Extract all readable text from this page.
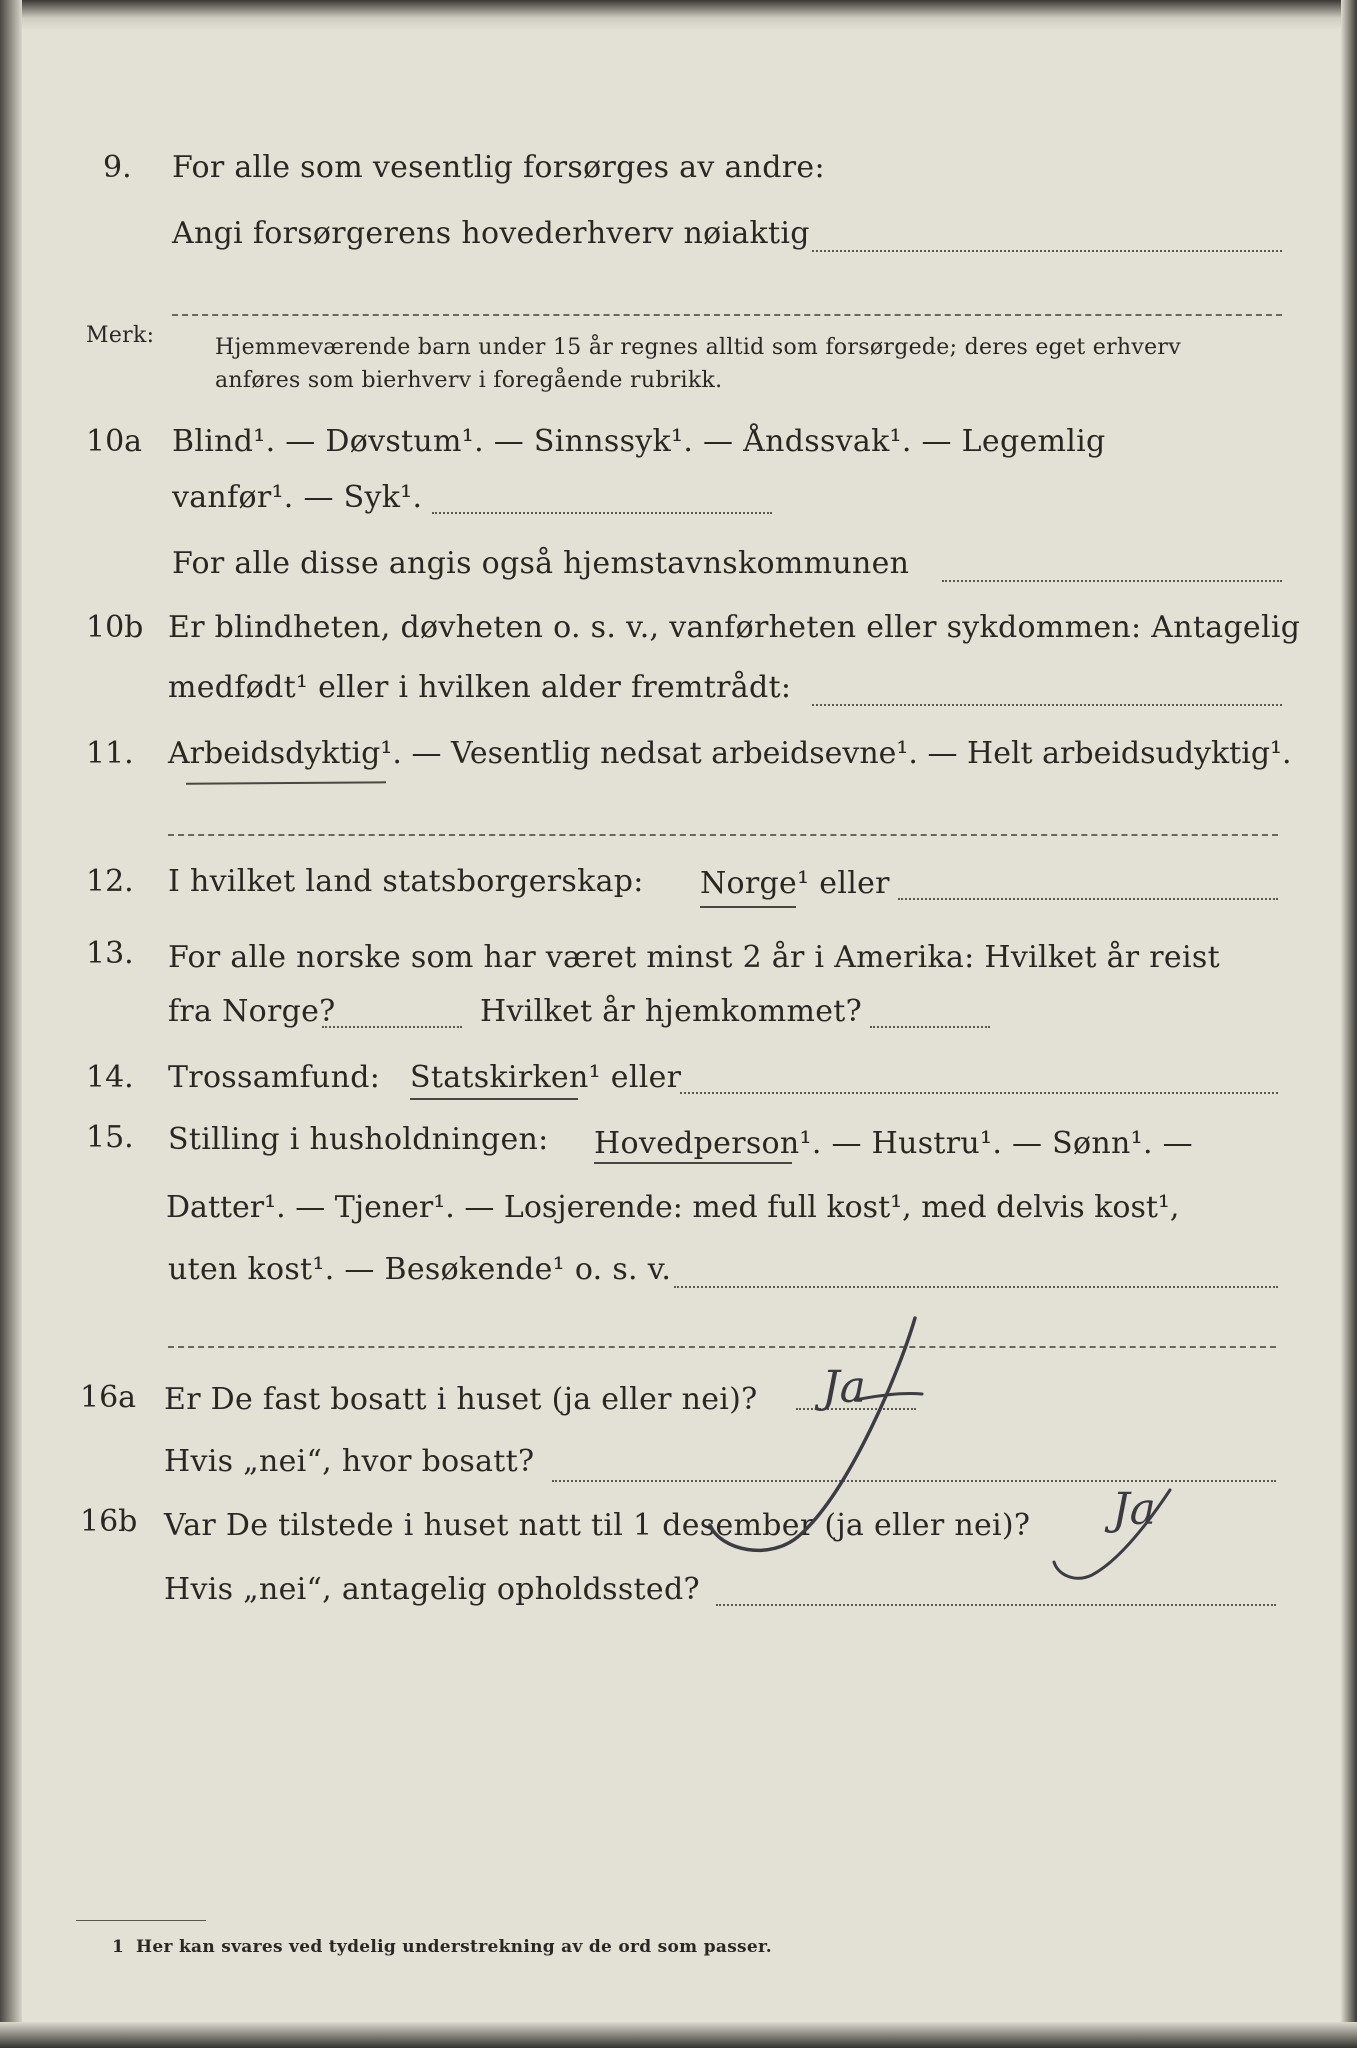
9. For alle som vesentlig forsørges av andre:
Angi forsørgerens hovederhverv nøiaktig
Merk:	Hjemmeværende barn under 15 år regnes alltid som forsørgede; deres eget erhverv
anføres som bierhverv i foregående rubrikk.
10a Blind¹. — Døvstum¹. — Sinnssyk¹. — Åndssvak¹. — Legemlig
vanfør¹. — Syk¹.
For alle disse angis også hjemstavnskommunen
10b Er blindheten, døvheten o. s. v., vanførheten eller sykdommen: Antagelig
medfødt¹ eller i hvilken alder fremtrådt:
11. Arbeidsdyktig¹. — Vesentlig nedsat arbeidsevne¹. — Helt arbeidsudyktig¹.
12. I hvilket land statsborgerskap: Norge¹ eller
13. For alle norske som har været minst 2 år i Amerika: Hvilket år reist
fra Norge?	Hvilket år hjemkommet?
14. Trossamfund: Statskirken¹ eller
15. Stilling i husholdningen: Hovedperson¹. — Hustru¹. — Sønn¹. —
Datter¹. — Tjener¹. — Losjerende: med full kost¹, med delvis kost¹,
uten kost¹. — Besøkende¹ o. s. v.
16a Er De fast bosatt i huset (ja eller nei)? Ja
Hvis „nei“, hvor bosatt?
16b Var De tilstede i huset natt til 1 desember (ja eller nei)? Ja
Hvis „nei“, antagelig opholdssted?
1 Her kan svares ved tydelig understrekning av de ord som passer.
